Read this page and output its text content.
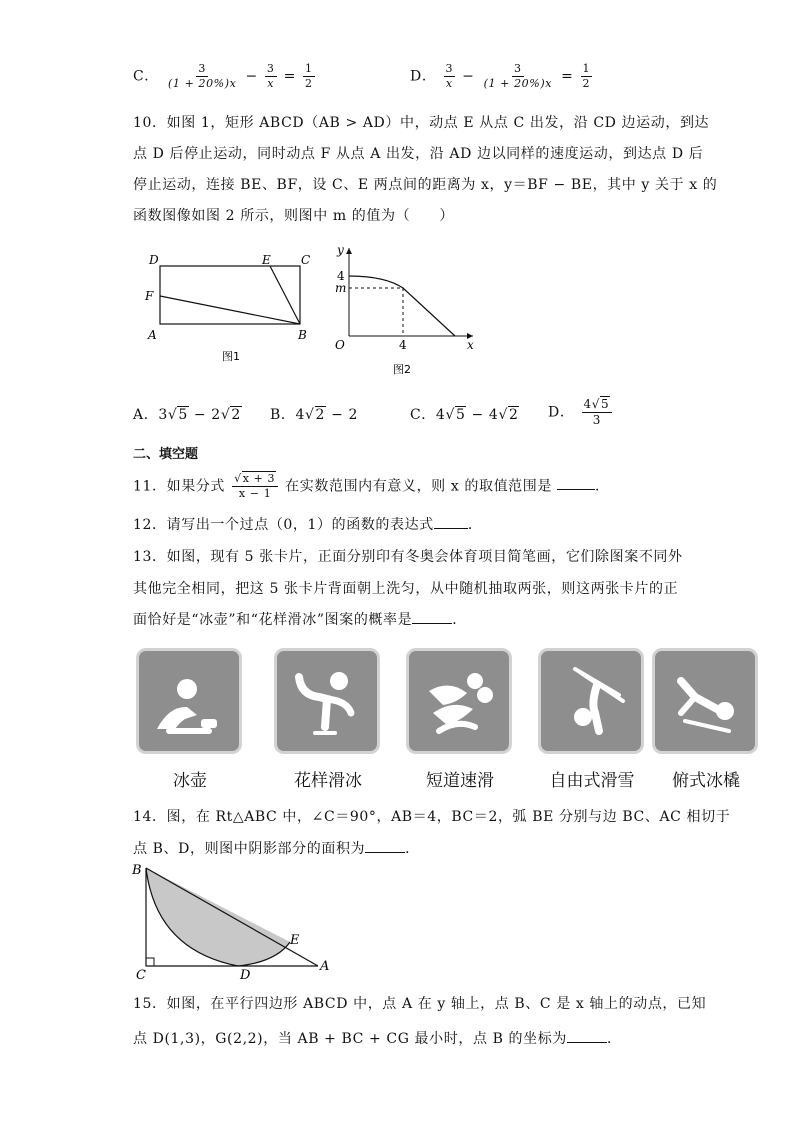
C． $\frac{3}{(1 + 20\%)x} - \frac{3}{x} = \frac{1}{2}$	D． $\frac{3}{x} - \frac{3}{(1 + 20\%)x} = \frac{1}{2}$
10．如图 1，矩形 ABCD（AB > AD）中，动点 E 从点 C 出发，沿 CD 边运动，到达
点 D 后停止运动，同时动点 F 从点 A 出发，沿 AD 边以同样的速度运动，到达点 D 后
停止运动，连接 BE、BF，设 C、E 两点间的距离为 x，y＝BF − BE，其中 y 关于 x 的
函数图像如图 2 所示，则图中 m 的值为（　　）
D	E	C
F
A	B
图1
y
4
m
O	4	x
图2
A．3√5 − 2√2 B．4√2 − 2	C．4√5 − 4√2 D． $\frac{4√5}{3}$
二、填空题
11．如果分式 $\frac{√x + 3}{x - 1}$ 在实数范围内有意义，则 x 的取值范围是	．
12．请写出一个过点（0，1）的函数的表达式 ．
13．如图，现有 5 张卡片，正面分别印有冬奥会体育项目简笔画，它们除图案不同外
其他完全相同，把这 5 张卡片背面朝上洗匀，从中随机抽取两张，则这两张卡片的正
面恰好是“冰壶”和“花样滑冰”图案的概率是	．
冰壶	花样滑冰	短道速滑	自由式滑雪	俯式冰橇
14．图，在 Rt△ABC 中，∠C＝90°，AB＝4，BC＝2，弧 BE 分别与边 BC、AC 相切于
点 B、D，则图中阴影部分的面积为	．
B
E
C	D
A
15．如图，在平行四边形 ABCD 中，点 A 在 y 轴上，点 B、C 是 x 轴上的动点，已知
点 D(1,3)，G(2,2)，当 AB + BC + CG 最小时，点 B 的坐标为	．
